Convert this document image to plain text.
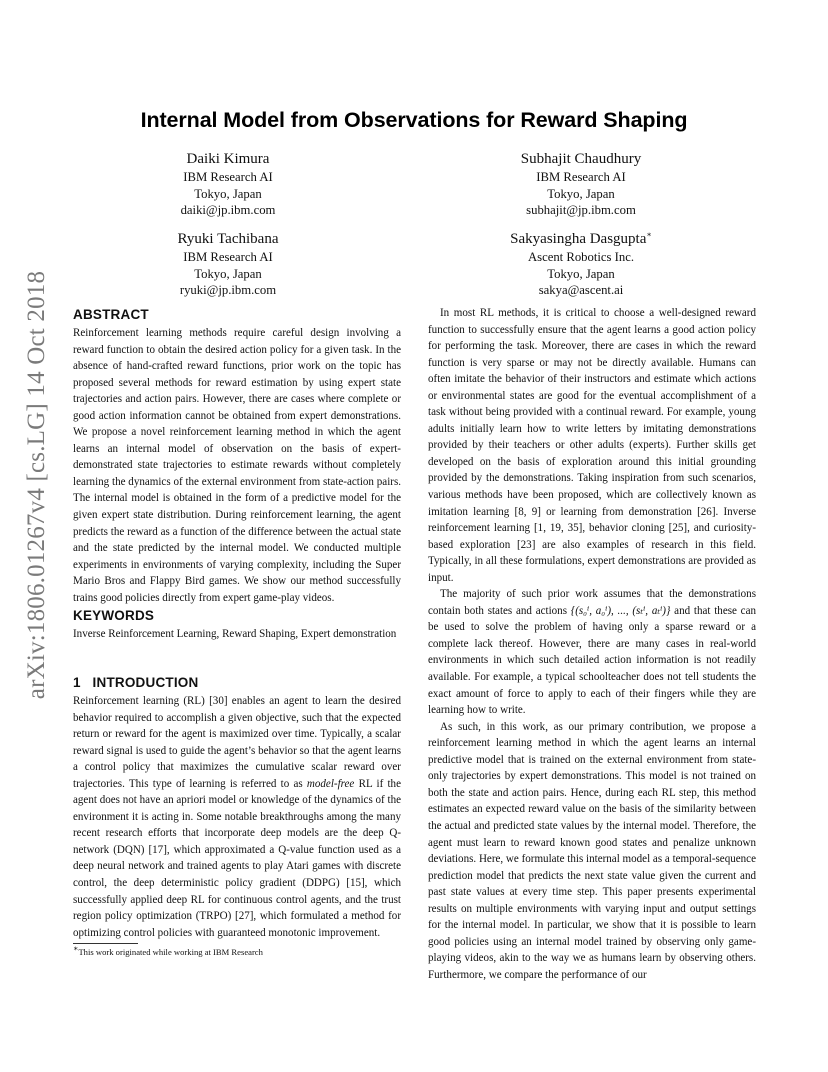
arXiv:1806.01267v4 [cs.LG] 14 Oct 2018
Internal Model from Observations for Reward Shaping
Daiki Kimura
IBM Research AI
Tokyo, Japan
daiki@jp.ibm.com
Subhajit Chaudhury
IBM Research AI
Tokyo, Japan
subhajit@jp.ibm.com
Ryuki Tachibana
IBM Research AI
Tokyo, Japan
ryuki@jp.ibm.com
Sakyasingha Dasgupta∗
Ascent Robotics Inc.
Tokyo, Japan
sakya@ascent.ai
ABSTRACT

Reinforcement learning methods require careful design involving a reward function to obtain the desired action policy for a given task. In the absence of hand-crafted reward functions, prior work on the topic has proposed several methods for reward estimation by using expert state trajectories and action pairs. However, there are cases where complete or good action information cannot be obtained from expert demonstrations. We propose a novel reinforcement learning method in which the agent learns an internal model of observation on the basis of expert-demonstrated state trajectories to estimate rewards without completely learning the dynamics of the external environment from state-action pairs. The internal model is obtained in the form of a predictive model for the given expert state distribution. During reinforcement learning, the agent predicts the reward as a function of the difference between the actual state and the state predicted by the internal model. We conducted multiple experiments in environments of varying complexity, including the Super Mario Bros and Flappy Bird games. We show our method successfully trains good policies directly from expert game-play videos.

KEYWORDS

Inverse Reinforcement Learning, Reward Shaping, Expert demonstration

1   INTRODUCTION

Reinforcement learning (RL) [30] enables an agent to learn the desired behavior required to accomplish a given objective, such that the expected return or reward for the agent is maximized over time. Typically, a scalar reward signal is used to guide the agent’s behavior so that the agent learns a control policy that maximizes the cumulative scalar reward over trajectories. This type of learning is referred to as model-free RL if the agent does not have an apriori model or knowledge of the dynamics of the environment it is acting in. Some notable breakthroughs among the many recent research efforts that incorporate deep models are the deep Q-network (DQN) [17], which approximated a Q-value function used as a deep neural network and trained agents to play Atari games with discrete control, the deep deterministic policy gradient (DDPG) [15], which successfully applied deep RL for continuous control agents, and the trust region policy optimization (TRPO) [27], which formulated a method for optimizing control policies with guaranteed monotonic improvement.

∗This work originated while working at IBM Research

In most RL methods, it is critical to choose a well-designed reward function to successfully ensure that the agent learns a good action policy for performing the task. Moreover, there are cases in which the reward function is very sparse or may not be directly available. Humans can often imitate the behavior of their instructors and estimate which actions or environmental states are good for the eventual accomplishment of a task without being provided with a continual reward. For example, young adults initially learn how to write letters by imitating demonstrations provided by their teachers or other adults (experts). Further skills get developed on the basis of exploration around this initial grounding provided by the demonstrations. Taking inspiration from such scenarios, various methods have been proposed, which are collectively known as imitation learning [8, 9] or learning from demonstration [26]. Inverse reinforcement learning [1, 19, 35], behavior cloning [25], and curiosity-based exploration [23] are also examples of research in this field. Typically, in all these formulations, expert demonstrations are provided as input.

The majority of such prior work assumes that the demonstrations contain both states and actions {(s₀ⁱ, a₀ⁱ), ..., (sₜⁱ, aₜⁱ)} and that these can be used to solve the problem of having only a sparse reward or a complete lack thereof. However, there are many cases in real-world environments in which such detailed action information is not readily available. For example, a typical schoolteacher does not tell students the exact amount of force to apply to each of their fingers while they are learning how to write.

As such, in this work, as our primary contribution, we propose a reinforcement learning method in which the agent learns an internal predictive model that is trained on the external environment from state-only trajectories by expert demonstrations. This model is not trained on both the state and action pairs. Hence, during each RL step, this method estimates an expected reward value on the basis of the similarity between the actual and predicted state values by the internal model. Therefore, the agent must learn to reward known good states and penalize unknown deviations. Here, we formulate this internal model as a temporal-sequence prediction model that predicts the next state value given the current and past state values at every time step. This paper presents experimental results on multiple environments with varying input and output settings for the internal model. In particular, we show that it is possible to learn good policies using an internal model trained by observing only game-playing videos, akin to the way we as humans learn by observing others. Furthermore, we compare the performance of our
